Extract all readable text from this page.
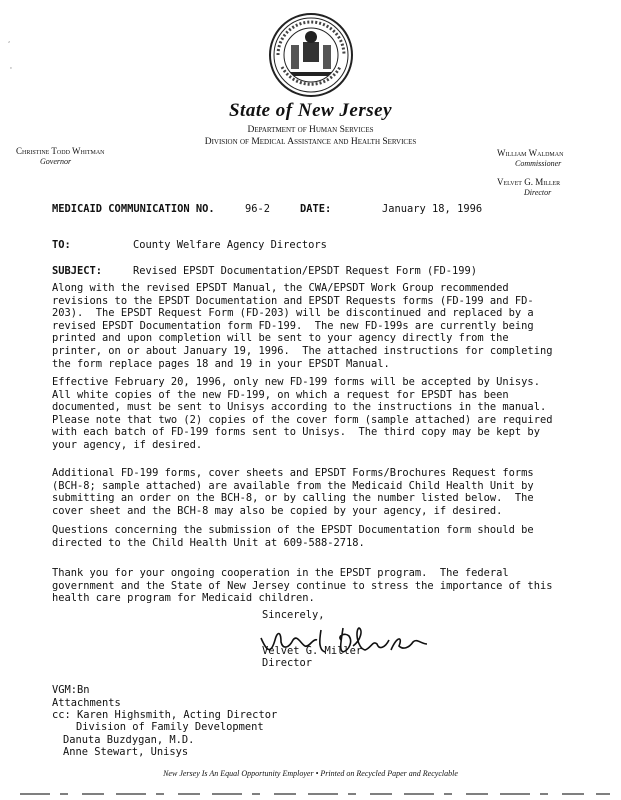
,
'
State of New Jersey
Department of Human Services
Division of Medical Assistance and Health Services
Christine Todd Whitman
Governor
William Waldman
Commissioner
Velvet G. Miller
Director
MEDICAID COMMUNICATION NO.	96-2	DATE:	January 18, 1996
TO:	County Welfare Agency Directors
SUBJECT:	Revised EPSDT Documentation/EPSDT Request Form (FD-199)
Along with the revised EPSDT Manual, the CWA/EPSDT Work Group recommended
revisions to the EPSDT Documentation and EPSDT Requests forms (FD-199 and FD-
203).  The EPSDT Request Form (FD-203) will be discontinued and replaced by a
revised EPSDT Documentation form FD-199.  The new FD-199s are currently being
printed and upon completion will be sent to your agency directly from the
printer, on or about January 19, 1996.  The attached instructions for completing
the form replace pages 18 and 19 in your EPSDT Manual.
Effective February 20, 1996, only new FD-199 forms will be accepted by Unisys.
All white copies of the new FD-199, on which a request for EPSDT has been
documented, must be sent to Unisys according to the instructions in the manual.
Please note that two (2) copies of the cover form (sample attached) are required
with each batch of FD-199 forms sent to Unisys.  The third copy may be kept by
your agency, if desired.
Additional FD-199 forms, cover sheets and EPSDT Forms/Brochures Request forms
(BCH-8; sample attached) are available from the Medicaid Child Health Unit by
submitting an order on the BCH-8, or by calling the number listed below.  The
cover sheet and the BCH-8 may also be copied by your agency, if desired.
Questions concerning the submission of the EPSDT Documentation form should be
directed to the Child Health Unit at 609-588-2718.
Thank you for your ongoing cooperation in the EPSDT program.  The federal
government and the State of New Jersey continue to stress the importance of this
health care program for Medicaid children.
Sincerely,
Velvet G. Miller
Director
VGM:Bn
Attachments
cc: Karen Highsmith, Acting Director
Division of Family Development
Danuta Buzdygan, M.D.
Anne Stewart, Unisys
New Jersey Is An Equal Opportunity Employer • Printed on Recycled Paper and Recyclable
